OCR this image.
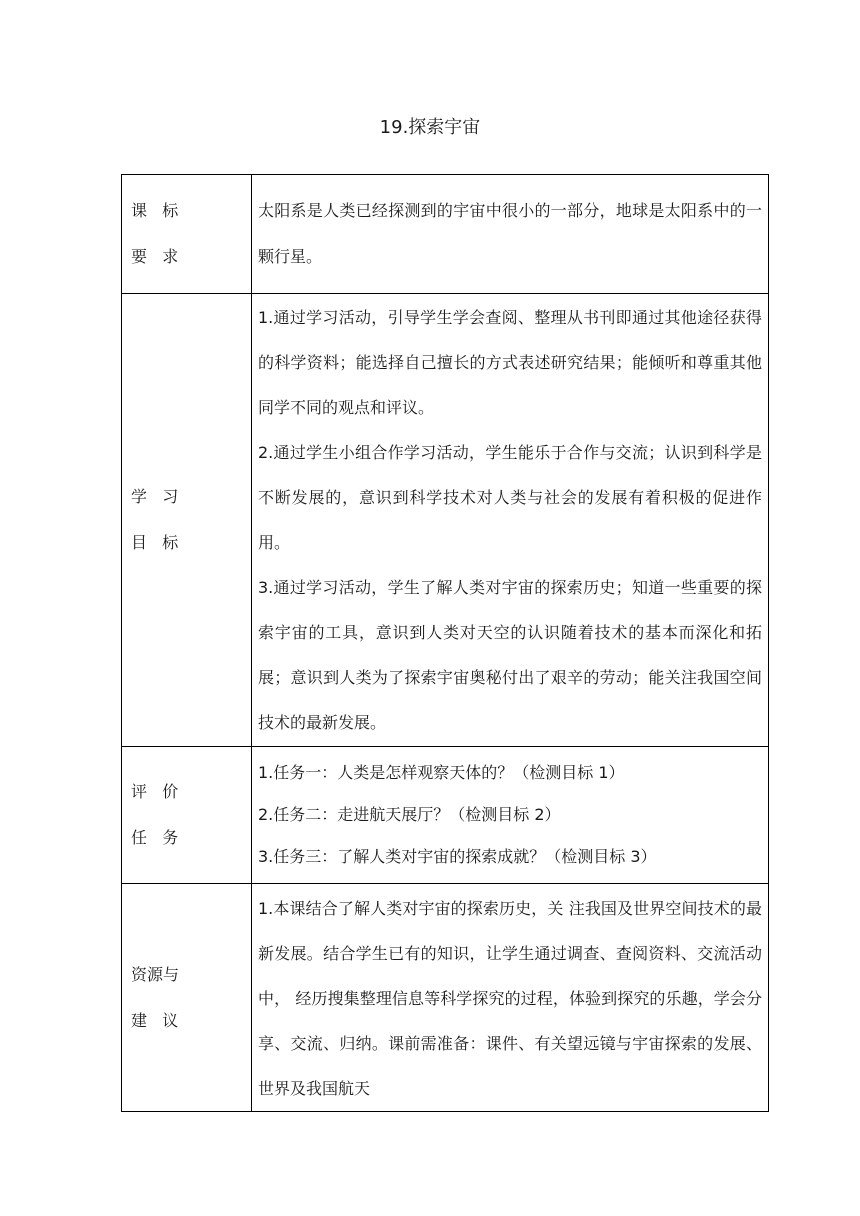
19.探索宇宙
课   标
要   求	太阳系是人类已经探测到的宇宙中很小的一部分，地球是太阳系中的一颗行星。

学   习
目   标	1.通过学习活动，引导学生学会查阅、整理从书刊即通过其他途径获得的科学资料；能选择自己擅长的方式表述研究结果；能倾听和尊重其他同学不同的观点和评议。
2.通过学生小组合作学习活动，学生能乐于合作与交流；认识到科学是不断发展的，意识到科学技术对人类与社会的发展有着积极的促进作用。
3.通过学习活动，学生了解人类对宇宙的探索历史；知道一些重要的探索宇宙的工具，意识到人类对天空的认识随着技术的基本而深化和拓展；意识到人类为了探索宇宙奥秘付出了艰辛的劳动；能关注我国空间技术的最新发展。

评   价
任   务	1.任务一：人类是怎样观察天体的？（检测目标 1）
2.任务二：走进航天展厅？（检测目标 2）
3.任务三：了解人类对宇宙的探索成就？（检测目标 3）

资源与
建   议	1.本课结合了解人类对宇宙的探索历史，关 注我国及世界空间技术的最新发展。结合学生已有的知识，让学生通过调查、查阅资料、交流活动中， 经历搜集整理信息等科学探究的过程，体验到探究的乐趣，学会分享、交流、归纳。课前需准备：课件、有关望远镜与宇宙探索的发展、世界及我国航天
